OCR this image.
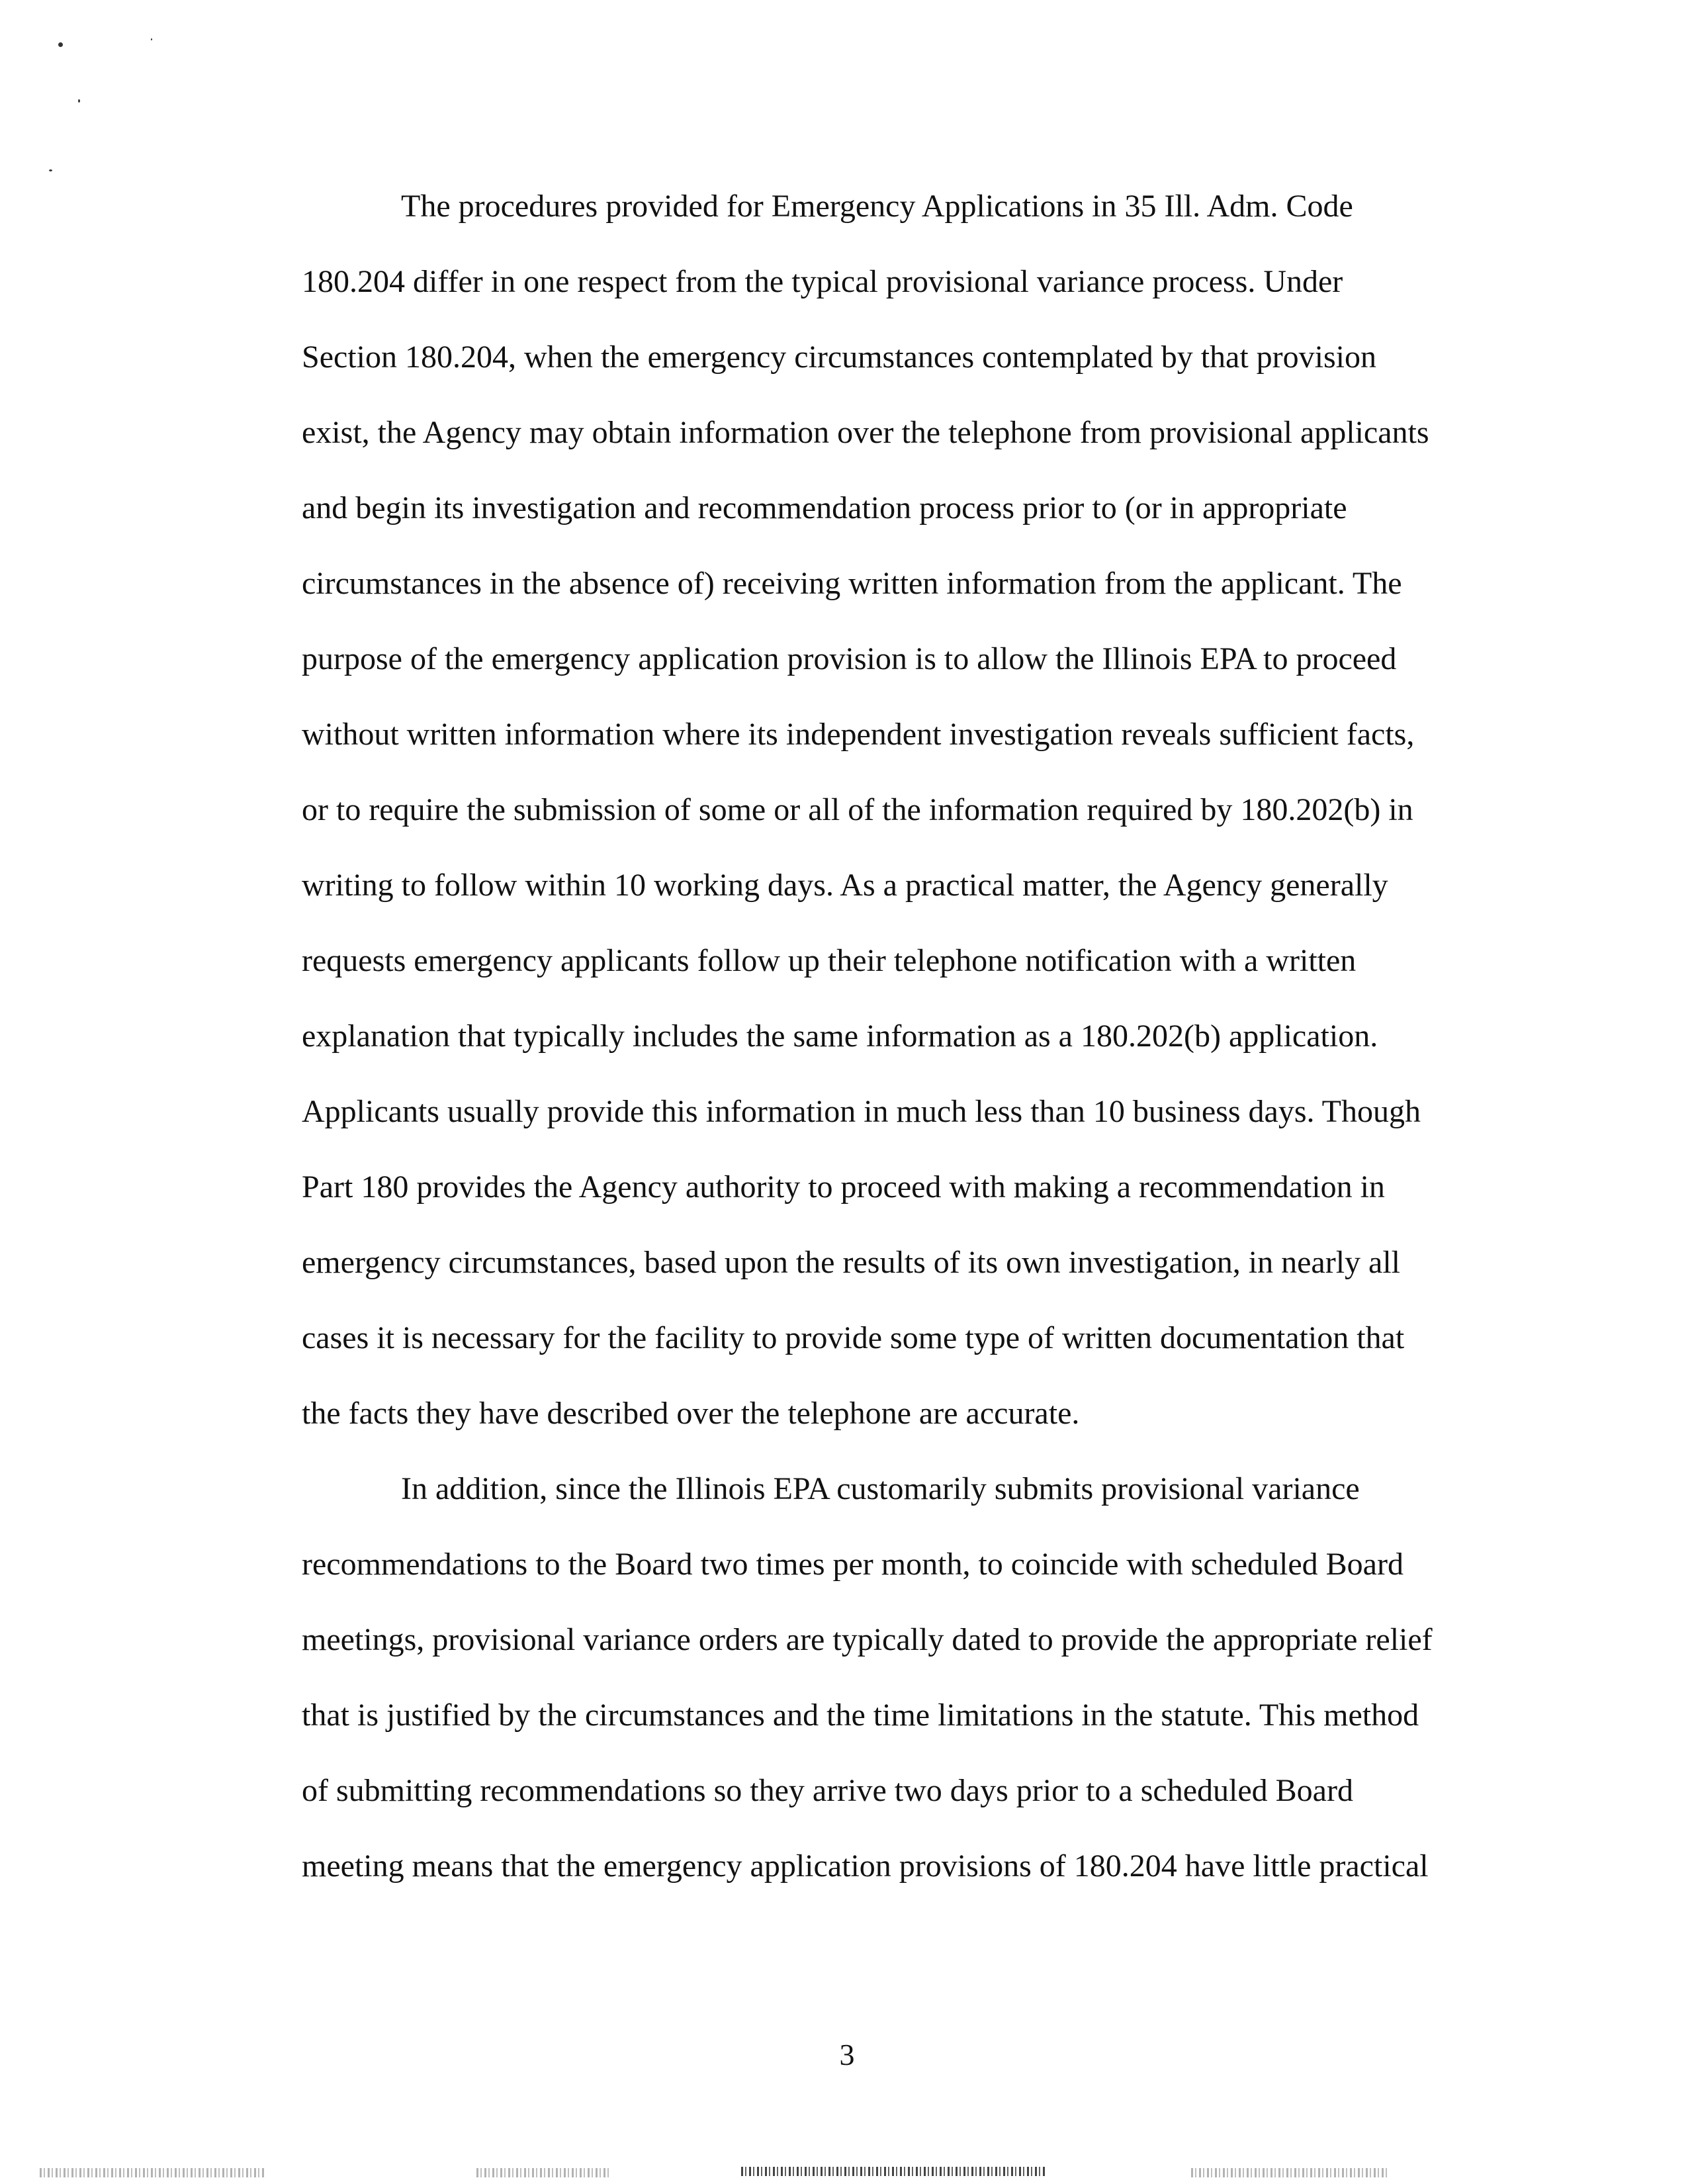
The procedures provided for Emergency Applications in 35 Ill. Adm. Code
180.204 differ in one respect from the typical provisional variance process. Under
Section 180.204, when the emergency circumstances contemplated by that provision
exist, the Agency may obtain information over the telephone from provisional applicants
and begin its investigation and recommendation process prior to (or in appropriate
circumstances in the absence of) receiving written information from the applicant. The
purpose of the emergency application provision is to allow the Illinois EPA to proceed
without written information where its independent investigation reveals sufficient facts,
or to require the submission of some or all of the information required by 180.202(b) in
writing to follow within 10 working days. As a practical matter, the Agency generally
requests emergency applicants follow up their telephone notification with a written
explanation that typically includes the same information as a 180.202(b) application.
Applicants usually provide this information in much less than 10 business days. Though
Part 180 provides the Agency authority to proceed with making a recommendation in
emergency circumstances, based upon the results of its own investigation, in nearly all
cases it is necessary for the facility to provide some type of written documentation that
the facts they have described over the telephone are accurate.
In addition, since the Illinois EPA customarily submits provisional variance
recommendations to the Board two times per month, to coincide with scheduled Board
meetings, provisional variance orders are typically dated to provide the appropriate relief
that is justified by the circumstances and the time limitations in the statute. This method
of submitting recommendations so they arrive two days prior to a scheduled Board
meeting means that the emergency application provisions of 180.204 have little practical
3
